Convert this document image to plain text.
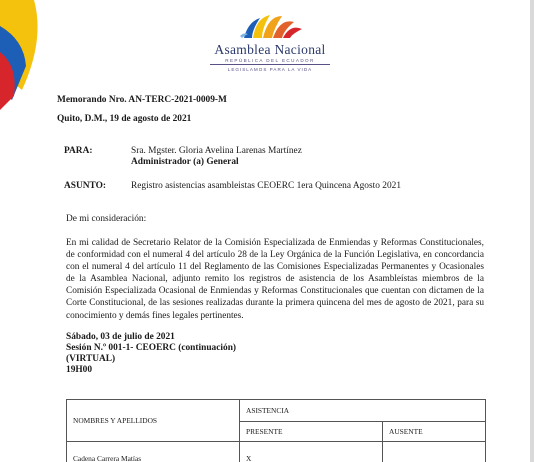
Asamblea Nacional
REPÚBLICA DEL ECUADOR
LEGISLAMOS PARA LA VIDA
Memorando Nro. AN-TERC-2021-0009-M
Quito, D.M., 19 de agosto de 2021
PARA:	Sra. Mgster. Gloria Avelina Larenas Martínez
Administrador (a) General
ASUNTO:	Registro asistencias asambleistas CEOERC 1era Quincena Agosto 2021
De mi consideración:
En mi calidad de Secretario Relator de la Comisión Especializada de Enmiendas y Reformas Constitucionales, de conformidad con el numeral 4 del artículo 28 de la Ley Orgánica de la Función Legislativa, en concordancia con el numeral 4 del artículo 11 del Reglamento de las Comisiones Especializadas Permanentes y Ocasionales de la Asamblea Nacional, adjunto remito los registros de asistencia de los Asambleístas miembros de la Comisión Especializada Ocasional de Enmiendas y Reformas Constitucionales que cuentan con dictamen de la Corte Constitucional, de las sesiones realizadas durante la primera quincena del mes de agosto de 2021, para su conocimiento y demás fines legales pertinentes.
Sábado, 03 de julio de 2021
Sesión N.º 001-1- CEOERC (continuación)
(VIRTUAL)
19H00
NOMBRES Y APELLIDOS	ASISTENCIA	
	PRESENTE	AUSENTE
Cadena Carrera Matías	X	
